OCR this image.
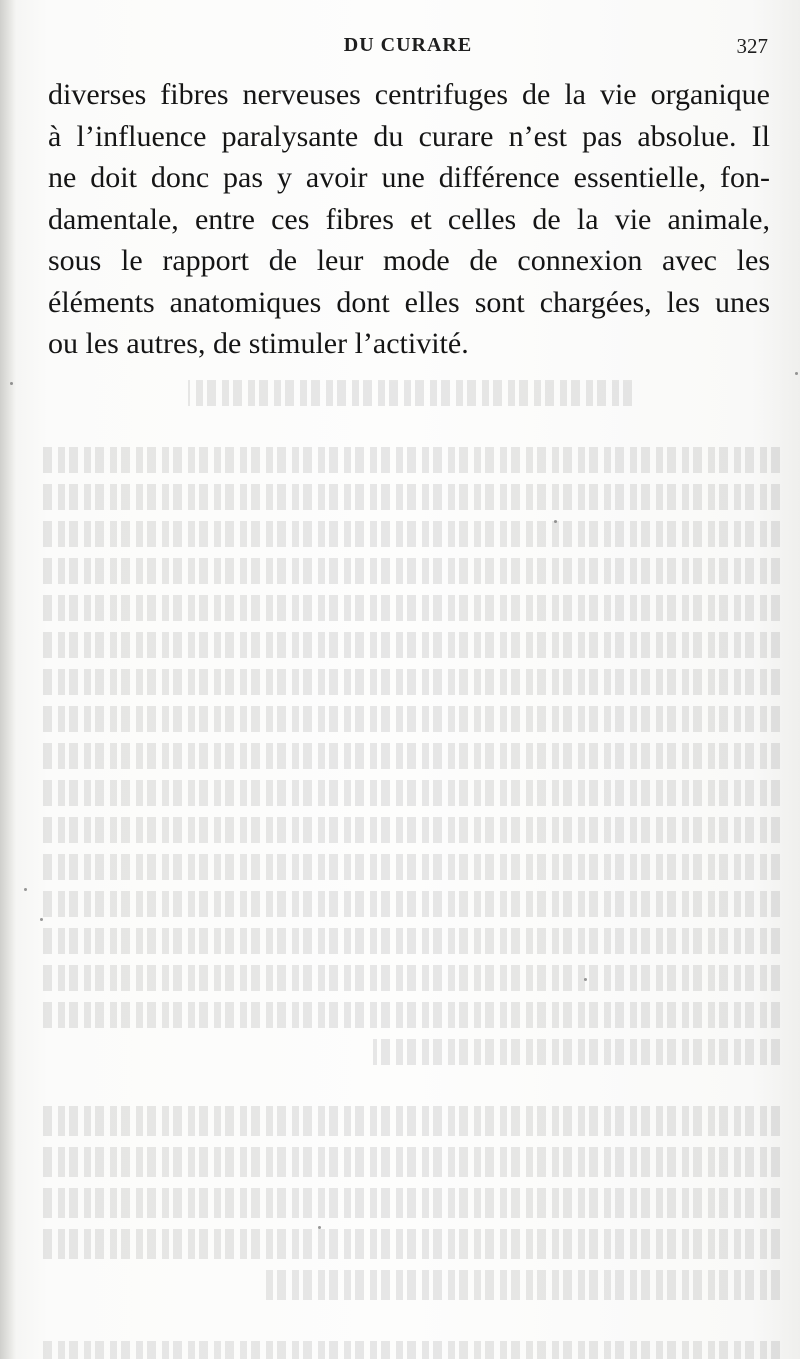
DU CURARE	327
diverses fibres nerveuses centrifuges de la vie organique
à l’influence paralysante du curare n’est pas absolue. Il
ne doit donc pas y avoir une différence essentielle, fon-
damentale, entre ces fibres et celles de la vie animale,
sous le rapport de leur mode de connexion avec les
éléments anatomiques dont elles sont chargées, les unes
ou les autres, de stimuler l’activité.
